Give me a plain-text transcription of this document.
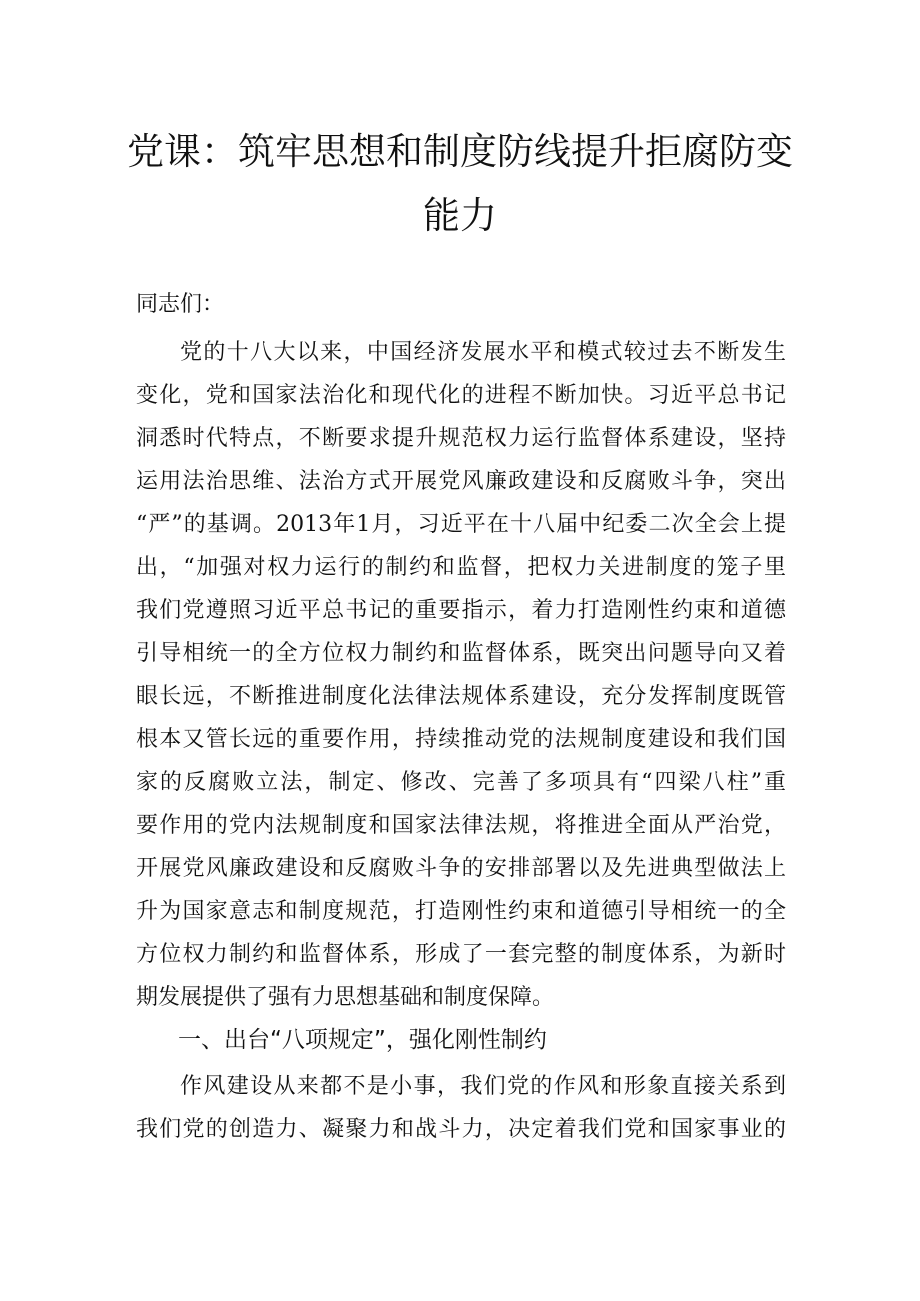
党课：筑牢思想和制度防线提升拒腐防变
能力
同志们：
党的十八大以来，中国经济发展水平和模式较过去不断发生
变化，党和国家法治化和现代化的进程不断加快。习近平总书记
洞悉时代特点，不断要求提升规范权力运行监督体系建设，坚持
运用法治思维、法治方式开展党风廉政建设和反腐败斗争，突出
“严”的基调。2013年1月，习近平在十八届中纪委二次全会上提
出，“加强对权力运行的制约和监督，把权力关进制度的笼子里
我们党遵照习近平总书记的重要指示，着力打造刚性约束和道德
引导相统一的全方位权力制约和监督体系，既突出问题导向又着
眼长远，不断推进制度化法律法规体系建设，充分发挥制度既管
根本又管长远的重要作用，持续推动党的法规制度建设和我们国
家的反腐败立法，制定、修改、完善了多项具有“四梁八柱”重
要作用的党内法规制度和国家法律法规，将推进全面从严治党，
开展党风廉政建设和反腐败斗争的安排部署以及先进典型做法上
升为国家意志和制度规范，打造刚性约束和道德引导相统一的全
方位权力制约和监督体系，形成了一套完整的制度体系，为新时
期发展提供了强有力思想基础和制度保障。
一、出台“八项规定”，强化刚性制约
作风建设从来都不是小事，我们党的作风和形象直接关系到
我们党的创造力、凝聚力和战斗力，决定着我们党和国家事业的
